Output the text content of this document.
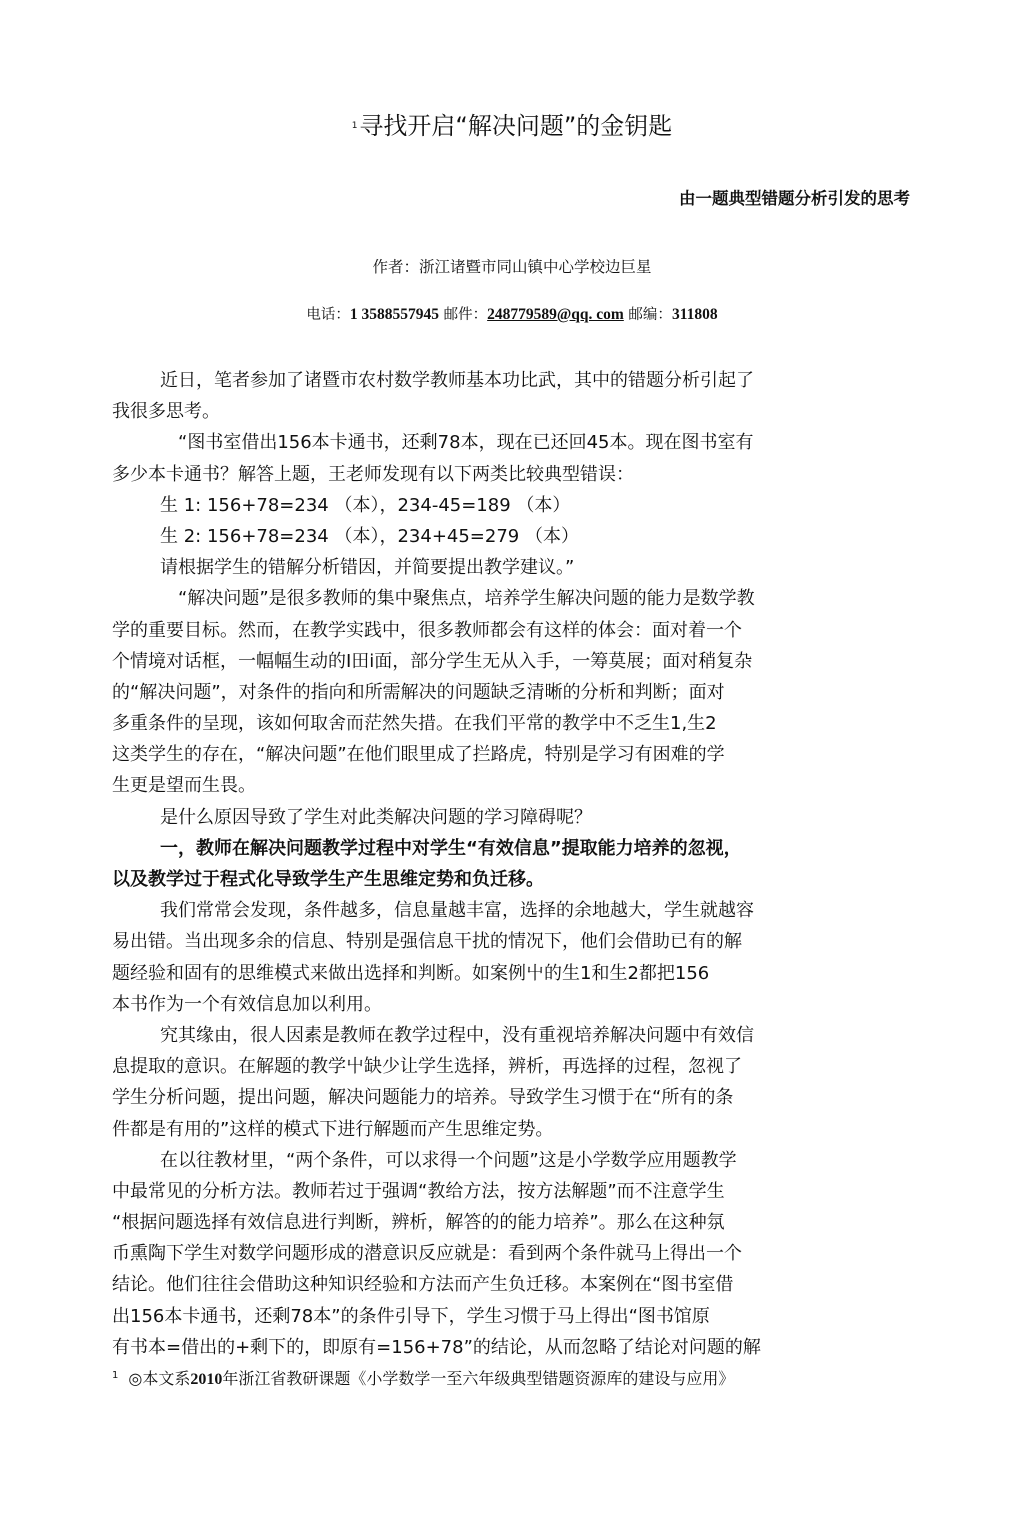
$^1$寻找开启“解决问题”的金钥匙
由一题典型错题分析引发的思考
作者：浙江诸暨市同山镇中心学校边巨星
电话：1 3588557945 邮件：248779589@qq. com 邮编：311808
近日，笔者参加了诸暨市农村数学教师基本功比武，其中的错题分析引起了
我很多思考。
“图书室借出156本卡通书，还剩78本，现在已还回45本。现在图书室有
多少本卡通书？解答上题，王老师发现有以下两类比较典型错误：
生 1: 156+78=234 （本），234-45=189 （本）
生 2: 156+78=234 （本），234+45=279 （本）
请根据学生的错解分析错因，并简要提出教学建议。”
“解决问题”是很多教师的集中聚焦点，培养学生解决问题的能力是数学教
学的重要目标。然而，在教学实践中，很多教师都会有这样的体会：面对着一个
个情境对话框，一幅幅生动的I田i面，部分学生无从入手，一筹莫展；面对稍复杂
的“解决问题”，对条件的指向和所需解决的问题缺乏清晰的分析和判断；面对
多重条件的呈现，该如何取舍而茫然失措。在我们平常的教学中不乏生1,生2
这类学生的存在，“解决问题”在他们眼里成了拦路虎，特别是学习有困难的学
生更是望而生畏。
是什么原因导致了学生对此类解决问题的学习障碍呢？
一，教师在解决问题教学过程中对学生“有效信息”提取能力培养的忽视，
以及教学过于程式化导致学生产生思维定势和负迁移。
我们常常会发现，条件越多，信息量越丰富，选择的余地越大，学生就越容
易出错。当出现多余的信息、特别是强信息干扰的情况下，他们会借助已有的解
题经验和固有的思维模式来做出选择和判断。如案例屮的生1和生2都把156
本书作为一个有效信息加以利用。
究其缘由，很人因素是教师在教学过程中，没有重视培养解决问题中有效信
息提取的意识。在解题的教学屮缺少让学生选择，辨析，再选择的过程，忽视了
学生分析问题，提出问题，解决问题能力的培养。导致学生习惯于在“所有的条
件都是有用的”这样的模式下进行解题而产生思维定势。
在以往教材里，“两个条件，可以求得一个问题”这是小学数学应用题教学
中最常见的分析方法。教师若过于强调“教给方法，按方法解题”而不注意学生
“根据问题选择有效信息进行判断，辨析，解答的的能力培养”。那么在这种氛
币熏陶下学生对数学问题形成的潜意识反应就是：看到两个条件就马上得出一个
结论。他们往往会借助这种知识经验和方法而产生负迁移。本案例在“图书室借
出156本卡通书，还剩78本”的条件引导下，学生习惯于马上得出“图书馆原
有书本=借出的+剩下的，即原有=156+78”的结论，从而忽略了结论对问题的解
$^1$ ◎本文系2010年浙江省教研课题《小学数学一至六年级典型错题资源库的建设与应用》
